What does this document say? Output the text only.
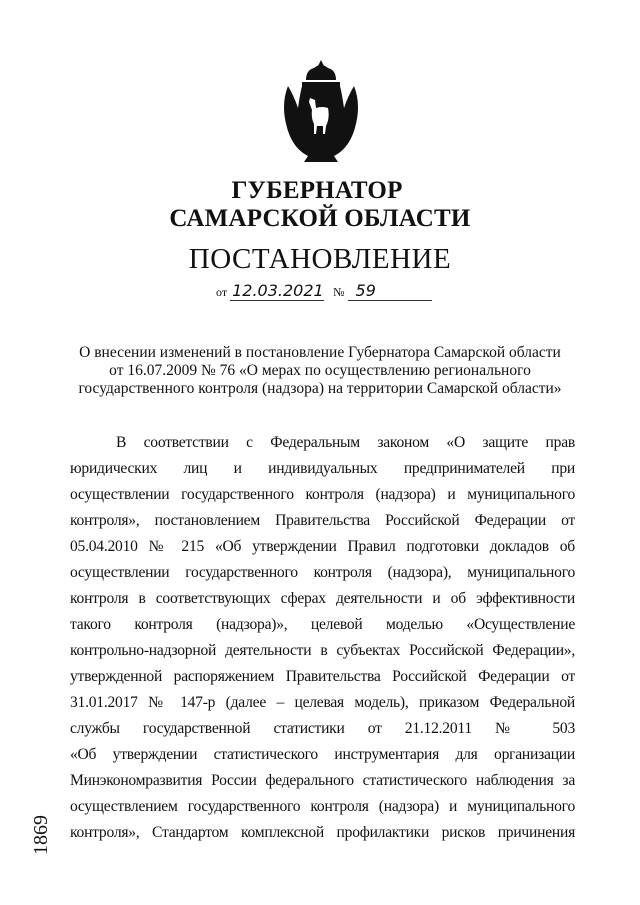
ГУБЕРНАТОР
САМАРСКОЙ ОБЛАСТИ
ПОСТАНОВЛЕНИЕ
от 12.03.2021 № 59
О внесении изменений в постановление Губернатора Самарской области
от 16.07.2009 № 76 «О мерах по осуществлению регионального
государственного контроля (надзора) на территории Самарской области»
В соответствии с Федеральным законом «О защите прав
юридических лиц и индивидуальных предпринимателей при
осуществлении государственного контроля (надзора) и муниципального
контроля», постановлением Правительства Российской Федерации от
05.04.2010 № 215 «Об утверждении Правил подготовки докладов об
осуществлении государственного контроля (надзора), муниципального
контроля в соответствующих сферах деятельности и об эффективности
такого контроля (надзора)», целевой моделью «Осуществление
контрольно-надзорной деятельности в субъектах Российской Федерации»,
утвержденной распоряжением Правительства Российской Федерации от
31.01.2017 № 147-р (далее – целевая модель), приказом Федеральной
службы государственной статистики от 21.12.2011 № 503
«Об утверждении статистического инструментария для организации
Минэкономразвития России федерального статистического наблюдения за
осуществлением государственного контроля (надзора) и муниципального
контроля», Стандартом комплексной профилактики рисков причинения
1869
